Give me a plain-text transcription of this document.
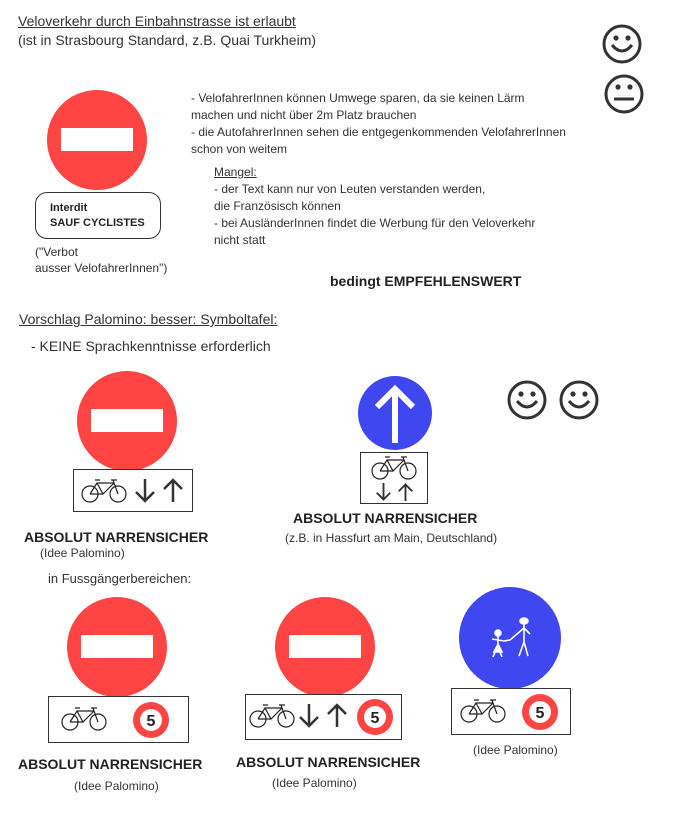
Veloverkehr durch Einbahnstrasse ist erlaubt
(ist in Strasbourg Standard, z.B. Quai Turkheim)
Interdit
SAUF CYCLISTES
("Verbot
ausser VelofahrerInnen")
- VelofahrerInnen können Umwege sparen, da sie keinen Lärm
machen und nicht über 2m Platz brauchen
- die AutofahrerInnen sehen die entgegenkommenden VelofahrerInnen
schon von weitem
Mangel:
- der Text kann nur von Leuten verstanden werden,
die Französisch können
- bei AusländerInnen findet die Werbung für den Veloverkehr
nicht statt
bedingt EMPFEHLENSWERT
Vorschlag Palomino: besser: Symboltafel:
- KEINE Sprachkenntnisse erforderlich
ABSOLUT NARRENSICHER
(Idee Palomino)
ABSOLUT NARRENSICHER
(z.B. in Hassfurt am Main, Deutschland)
in Fussgängerbereichen:
ABSOLUT NARRENSICHER
(Idee Palomino)
ABSOLUT NARRENSICHER
(Idee Palomino)
(Idee Palomino)
